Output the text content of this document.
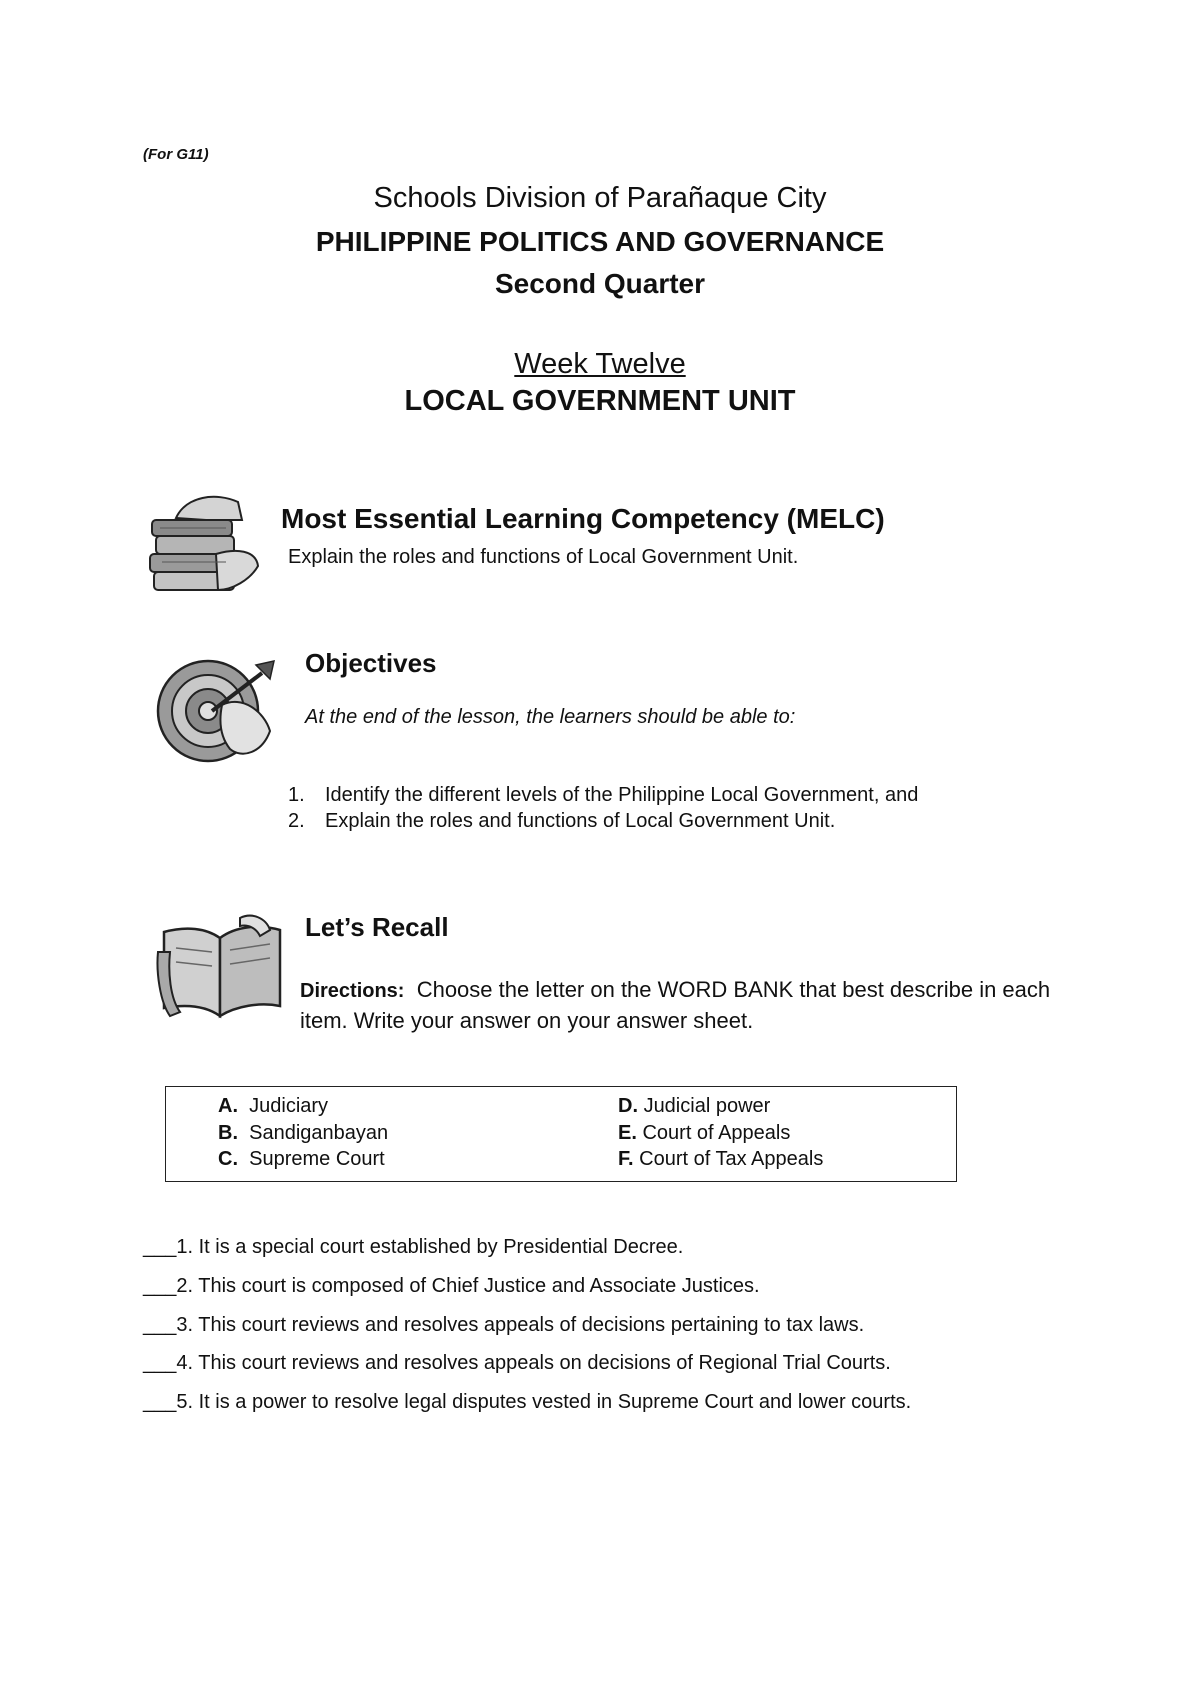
(For G11)
Schools Division of Parañaque City
PHILIPPINE POLITICS AND GOVERNANCE
Second Quarter
Week Twelve
LOCAL GOVERNMENT UNIT
Most Essential Learning Competency (MELC)
Explain the roles and functions of Local Government Unit.
Objectives
At the end of the lesson, the learners should be able to:
1.	Identify the different levels of the Philippine Local Government, and
2.	Explain the roles and functions of Local Government Unit.
Let’s Recall
Directions: Choose the letter on the WORD BANK that best describe in each item. Write your answer on your answer sheet.
A. Judiciary
B. Sandiganbayan
C. Supreme Court
D. Judicial power
E. Court of Appeals
F. Court of Tax Appeals
___1. It is a special court established by Presidential Decree.
___2. This court is composed of Chief Justice and Associate Justices.
___3. This court reviews and resolves appeals of decisions pertaining to tax laws.
___4. This court reviews and resolves appeals on decisions of Regional Trial Courts.
___5. It is a power to resolve legal disputes vested in Supreme Court and lower courts.
